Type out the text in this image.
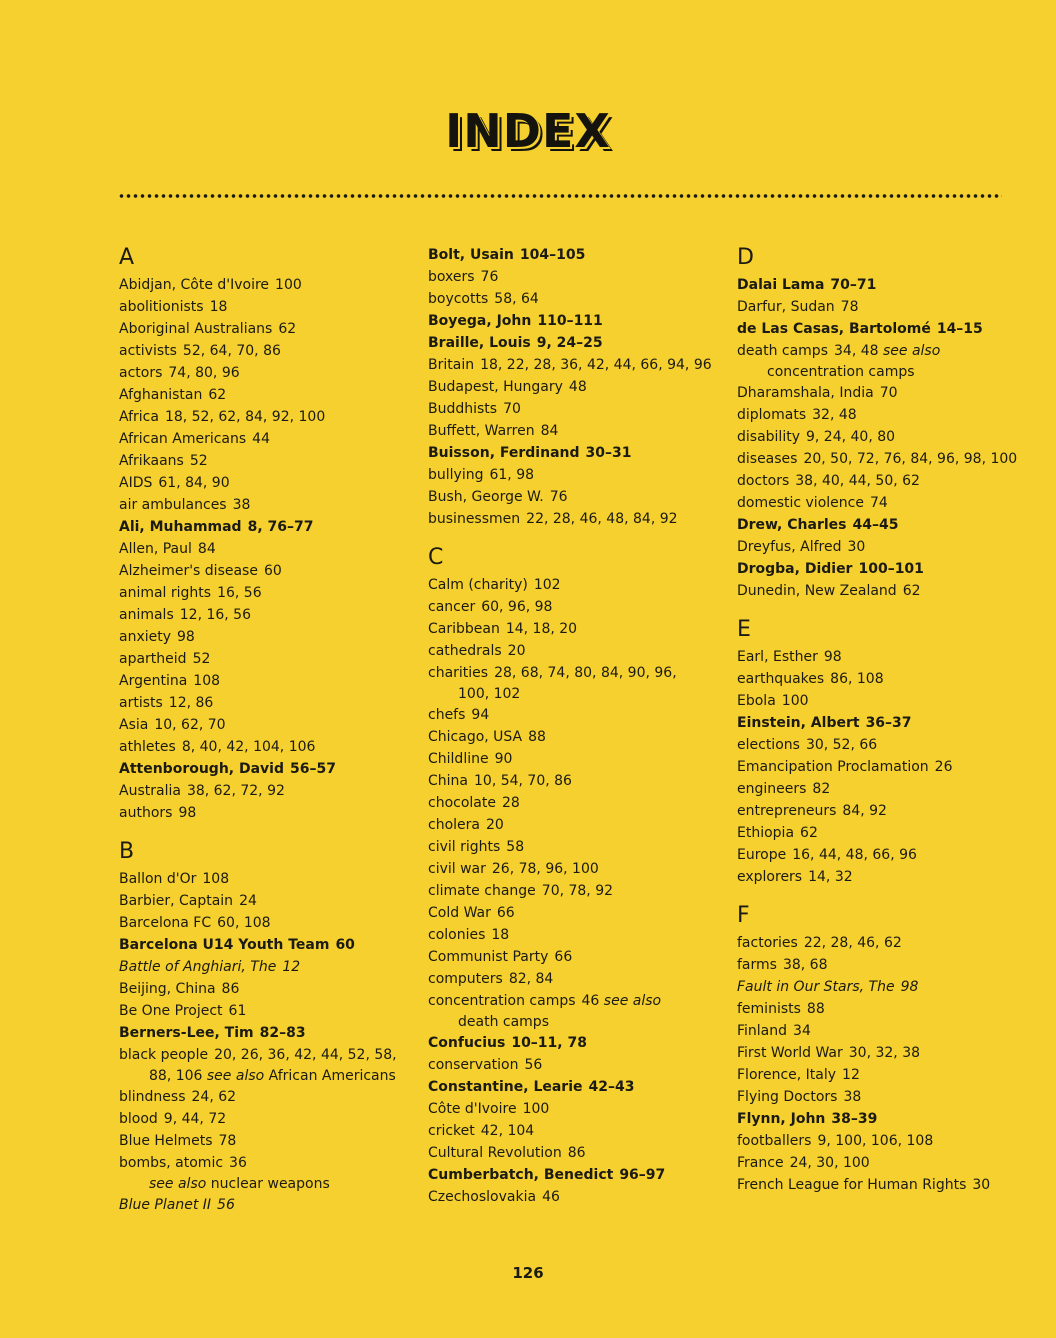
INDEX
A
Abidjan, Côte d'Ivoire 100
abolitionists 18
Aboriginal Australians 62
activists 52, 64, 70, 86
actors 74, 80, 96
Afghanistan 62
Africa 18, 52, 62, 84, 92, 100
African Americans 44
Afrikaans 52
AIDS 61, 84, 90
air ambulances 38
Ali, Muhammad 8, 76–77
Allen, Paul 84
Alzheimer's disease 60
animal rights 16, 56
animals 12, 16, 56
anxiety 98
apartheid 52
Argentina 108
artists 12, 86
Asia 10, 62, 70
athletes 8, 40, 42, 104, 106
Attenborough, David 56–57
Australia 38, 62, 72, 92
authors 98
B
Ballon d'Or 108
Barbier, Captain 24
Barcelona FC 60, 108
Barcelona U14 Youth Team 60
Battle of Anghiari, The 12
Beijing, China 86
Be One Project 61
Berners-Lee, Tim 82–83
black people 20, 26, 36, 42, 44, 52, 58,
88, 106 see also African Americans
blindness 24, 62
blood 9, 44, 72
Blue Helmets 78
bombs, atomic 36
see also nuclear weapons
Blue Planet II 56
Bolt, Usain 104–105
boxers 76
boycotts 58, 64
Boyega, John 110–111
Braille, Louis 9, 24–25
Britain 18, 22, 28, 36, 42, 44, 66, 94, 96
Budapest, Hungary 48
Buddhists 70
Buffett, Warren 84
Buisson, Ferdinand 30–31
bullying 61, 98
Bush, George W. 76
businessmen 22, 28, 46, 48, 84, 92
C
Calm (charity) 102
cancer 60, 96, 98
Caribbean 14, 18, 20
cathedrals 20
charities 28, 68, 74, 80, 84, 90, 96,
100, 102
chefs 94
Chicago, USA 88
Childline 90
China 10, 54, 70, 86
chocolate 28
cholera 20
civil rights 58
civil war 26, 78, 96, 100
climate change 70, 78, 92
Cold War 66
colonies 18
Communist Party 66
computers 82, 84
concentration camps 46 see also
death camps
Confucius 10–11, 78
conservation 56
Constantine, Learie 42–43
Côte d'Ivoire 100
cricket 42, 104
Cultural Revolution 86
Cumberbatch, Benedict 96–97
Czechoslovakia 46
D
Dalai Lama 70–71
Darfur, Sudan 78
de Las Casas, Bartolomé 14–15
death camps 34, 48 see also
concentration camps
Dharamshala, India 70
diplomats 32, 48
disability 9, 24, 40, 80
diseases 20, 50, 72, 76, 84, 96, 98, 100
doctors 38, 40, 44, 50, 62
domestic violence 74
Drew, Charles 44–45
Dreyfus, Alfred 30
Drogba, Didier 100–101
Dunedin, New Zealand 62
E
Earl, Esther 98
earthquakes 86, 108
Ebola 100
Einstein, Albert 36–37
elections 30, 52, 66
Emancipation Proclamation 26
engineers 82
entrepreneurs 84, 92
Ethiopia 62
Europe 16, 44, 48, 66, 96
explorers 14, 32
F
factories 22, 28, 46, 62
farms 38, 68
Fault in Our Stars, The 98
feminists 88
Finland 34
First World War 30, 32, 38
Florence, Italy 12
Flying Doctors 38
Flynn, John 38–39
footballers 9, 100, 106, 108
France 24, 30, 100
French League for Human Rights 30
126
